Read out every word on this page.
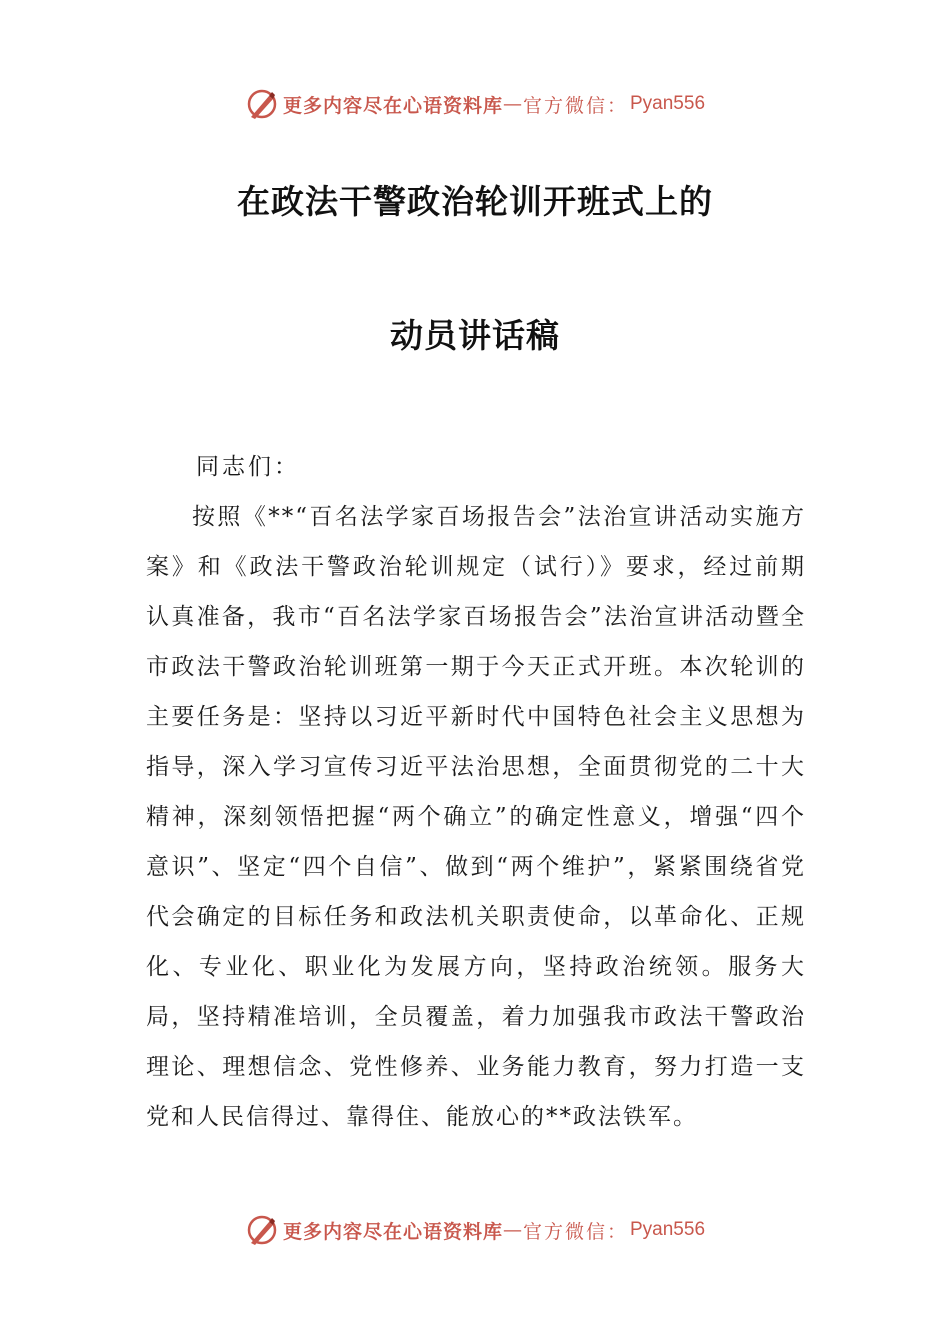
更多内容尽在心语资料库 — 官方微信： Pyan556
在政法干警政治轮训开班式上的
动员讲话稿
同志们：
按照《**“百名法学家百场报告会”法治宣讲活动实施方案》和《政法干警政治轮训规定（试行）》要求，经过前期认真准备，我市“百名法学家百场报告会”法治宣讲活动暨全市政法干警政治轮训班第一期于今天正式开班。本次轮训的主要任务是：坚持以习近平新时代中国特色社会主义思想为指导，深入学习宣传习近平法治思想，全面贯彻党的二十大精神，深刻领悟把握“两个确立”的确定性意义，增强“四个意识”、坚定“四个自信”、做到“两个维护”，紧紧围绕省党代会确定的目标任务和政法机关职责使命，以革命化、正规化、专业化、职业化为发展方向，坚持政治统领。服务大局，坚持精准培训，全员覆盖，着力加强我市政法干警政治理论、理想信念、党性修养、业务能力教育，努力打造一支党和人民信得过、靠得住、能放心的**政法铁军。
更多内容尽在心语资料库 — 官方微信： Pyan556
